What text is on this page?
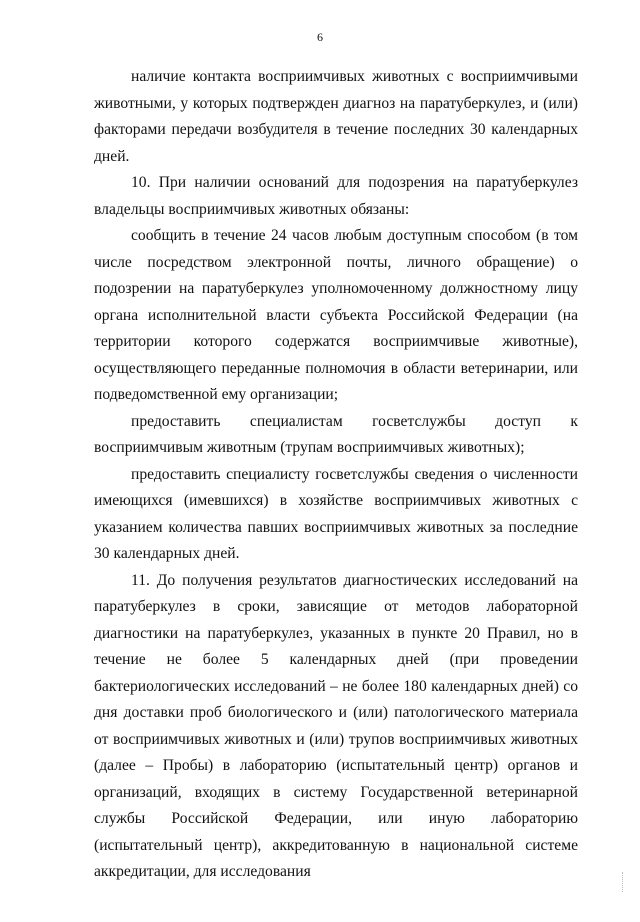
6

наличие контакта восприимчивых животных с восприимчивыми животными, у которых подтвержден диагноз на паратуберкулез, и (или) факторами передачи возбудителя в течение последних 30 календарных дней.

10. При наличии оснований для подозрения на паратуберкулез владельцы восприимчивых животных обязаны:

сообщить в течение 24 часов любым доступным способом (в том числе посредством электронной почты, личного обращение) о подозрении на паратуберкулез уполномоченному должностному лицу органа исполнительной власти субъекта Российской Федерации (на территории которого содержатся восприимчивые животные), осуществляющего переданные полномочия в области ветеринарии, или подведомственной ему организации;

предоставить специалистам госветслужбы доступ к восприимчивым животным (трупам восприимчивых животных);

предоставить специалисту госветслужбы сведения о численности имеющихся (имевшихся) в хозяйстве восприимчивых животных с указанием количества павших восприимчивых животных за последние 30 календарных дней.

11. До получения результатов диагностических исследований на паратуберкулез в сроки, зависящие от методов лабораторной диагностики на паратуберкулез, указанных в пункте 20 Правил, но в течение не более 5 календарных дней (при проведении бактериологических исследований – не более 180 календарных дней) со дня доставки проб биологического и (или) патологического материала от восприимчивых животных и (или) трупов восприимчивых животных (далее – Пробы) в лабораторию (испытательный центр) органов и организаций, входящих в систему Государственной ветеринарной службы Российской Федерации, или иную лабораторию (испытательный центр), аккредитованную в национальной системе аккредитации, для исследования
